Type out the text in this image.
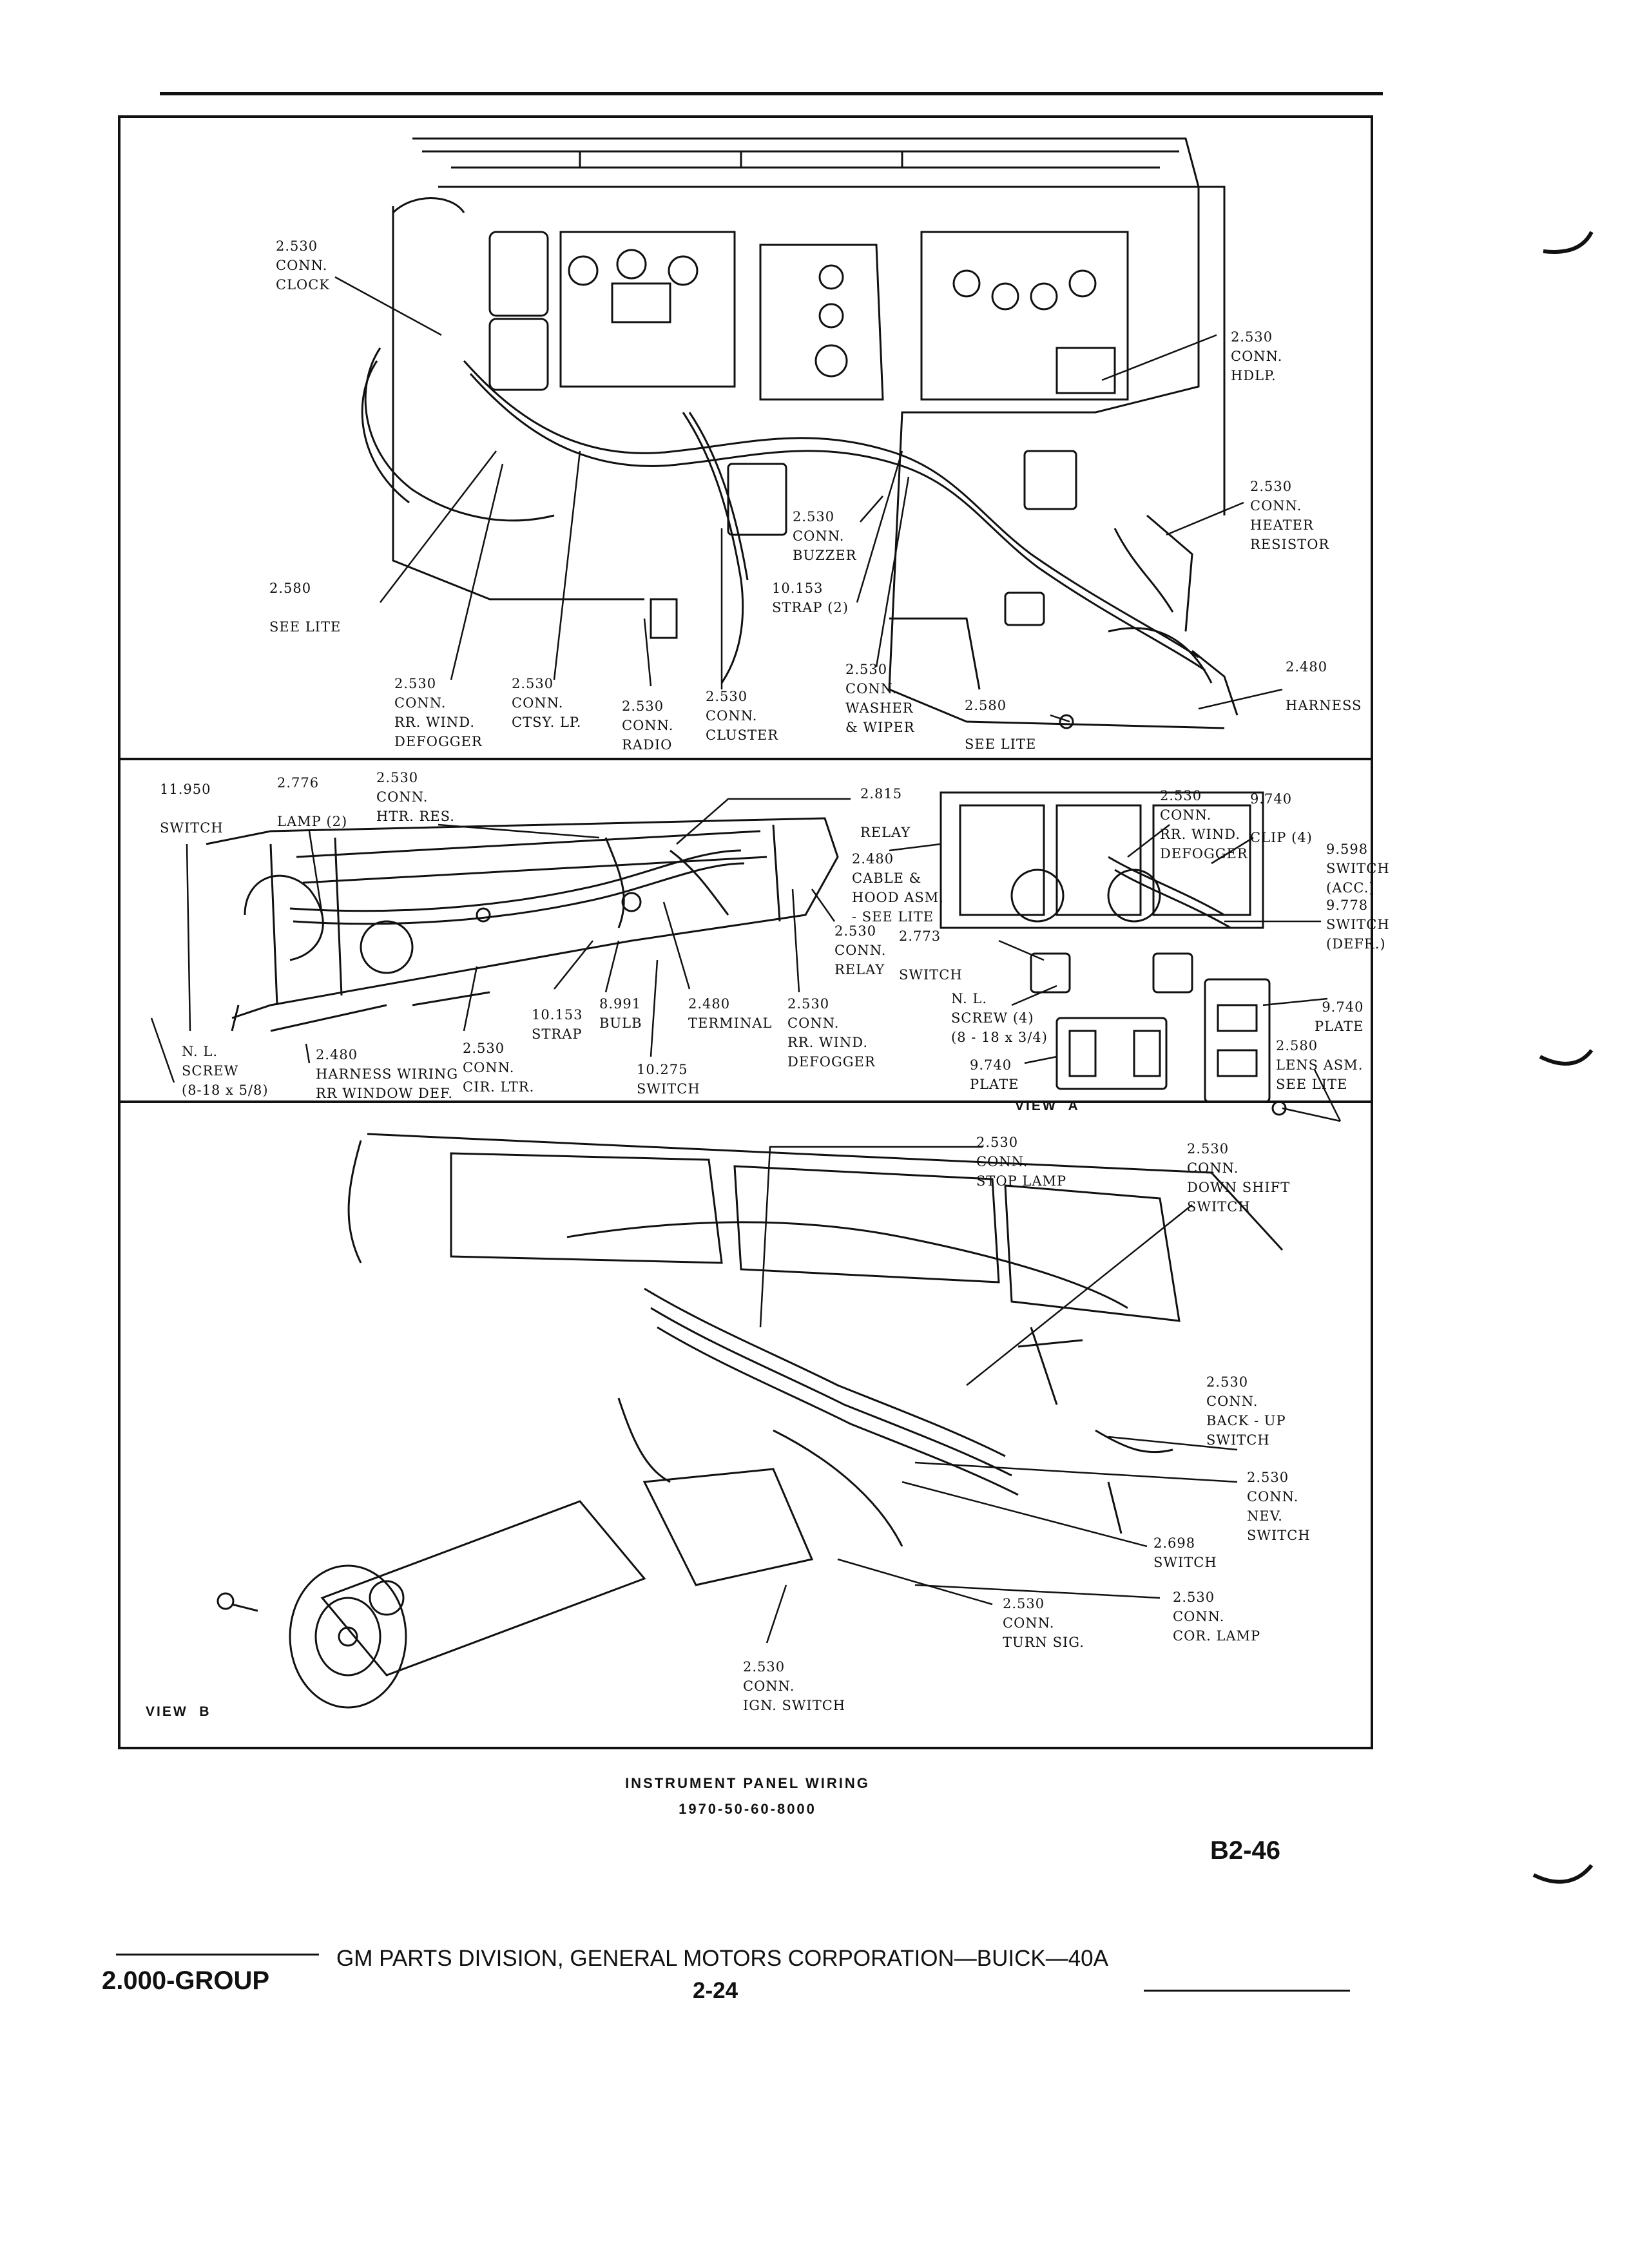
2.530
CONN.
CLOCK
2.530
CONN.
HDLP.
2.530
CONN.
HEATER
RESISTOR
2.580
SEE LITE
2.530
CONN.
BUZZER
10.153
STRAP (2)
2.530
CONN.
RR. WIND.
DEFOGGER
2.530
CONN.
CTSY. LP.
2.530
CONN.
RADIO
2.530
CONN.
CLUSTER
2.530
CONN.
WASHER
& WIPER
2.580
SEE LITE
2.480
HARNESS
11.950
SWITCH
2.776
LAMP (2)
2.530
CONN.
HTR. RES.
2.815
RELAY
2.480
CABLE &
HOOD ASM.
- SEE LITE
2.530
CONN.
RELAY
N. L.
SCREW
(8-18 x 5/8)
2.480
HARNESS WIRING
RR WINDOW DEF.
2.530
CONN.
CIR. LTR.
10.153
STRAP
8.991
BULB
2.480
TERMINAL
2.530
CONN.
RR. WIND.
DEFOGGER
10.275
SWITCH
2.530
CONN.
RR. WIND.
DEFOGGER
9.740
CLIP (4)
9.598
SWITCH
(ACC.)
9.778
SWITCH
(DEFR.)
2.773
SWITCH
N. L.
SCREW (4)
(8 - 18 x 3/4)
9.740
PLATE
9.740
PLATE
2.580
LENS ASM.
SEE LITE
VIEW  A
2.530
CONN.
STOP LAMP
2.530
CONN.
DOWN SHIFT
SWITCH
2.530
CONN.
BACK - UP
SWITCH
2.530
CONN.
NEV.
SWITCH
2.698
SWITCH
2.530
CONN.
TURN SIG.
2.530
CONN.
COR. LAMP
2.530
CONN.
IGN. SWITCH
VIEW  B
INSTRUMENT PANEL WIRING
1970-50-60-8000
B2-46
2.000-GROUP
GM PARTS DIVISION, GENERAL MOTORS CORPORATION—BUICK—40A
2-24
